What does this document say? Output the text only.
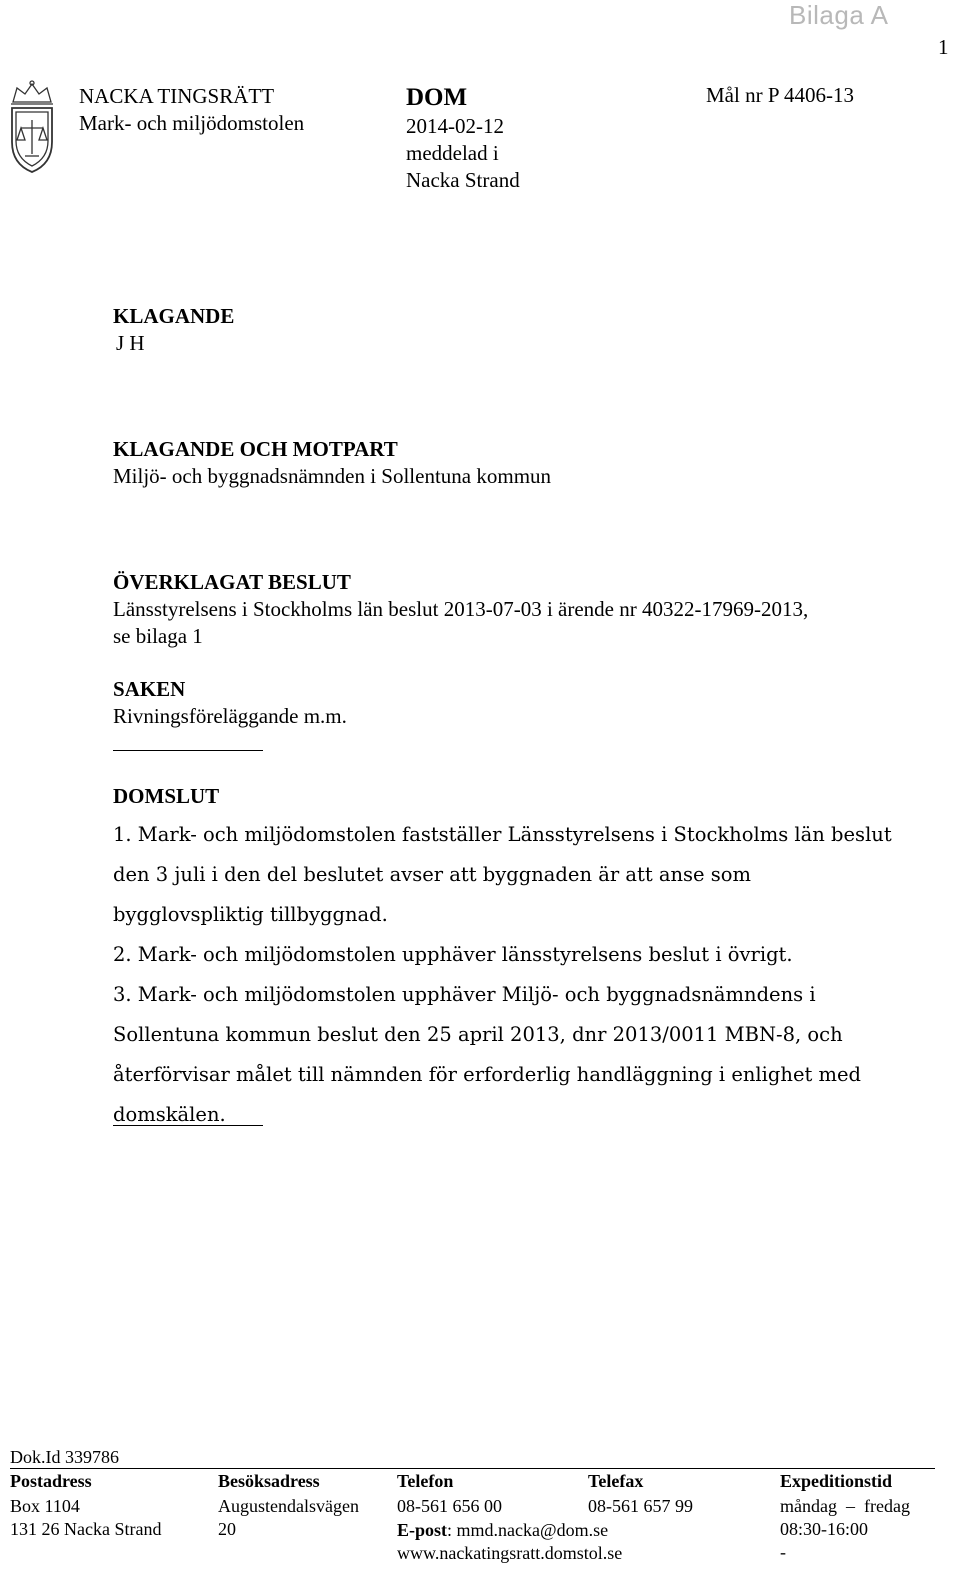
Bilaga A
1
NACKA TINGSRÄTT
Mark- och miljödomstolen
DOM
2014-02-12
meddelad i
Nacka Strand
Mål nr P 4406-13
KLAGANDE
J H
KLAGANDE OCH MOTPART
Miljö- och byggnadsnämnden i Sollentuna kommun
ÖVERKLAGAT BESLUT
Länsstyrelsens i Stockholms län beslut 2013-07-03 i ärende nr 40322-17969-2013,
se bilaga 1
SAKEN
Rivningsföreläggande m.m.
DOMSLUT

1. Mark- och miljödomstolen fastställer Länsstyrelsens i Stockholms län beslut den 3 juli i den del beslutet avser att byggnaden är att anse som bygglovspliktig tillbyggnad.

2. Mark- och miljödomstolen upphäver länsstyrelsens beslut i övrigt.

3. Mark- och miljödomstolen upphäver Miljö- och byggnadsnämndens i Sollentuna kommun beslut den 25 april 2013, dnr 2013/0011 MBN-8, och återförvisar målet till nämnden för erforderlig handläggning i enlighet med domskälen.

Dok.Id 339786
Postadress
Box 1104
131 26 Nacka Strand
Besöksadress
Augustendalsvägen
20
Telefon
08-561 656 00
E-post: mmd.nacka@dom.se
www.nackatingsratt.domstol.se
Telefax
08-561 657 99
Expeditionstid
måndag – fredag
08:30-16:00
-
